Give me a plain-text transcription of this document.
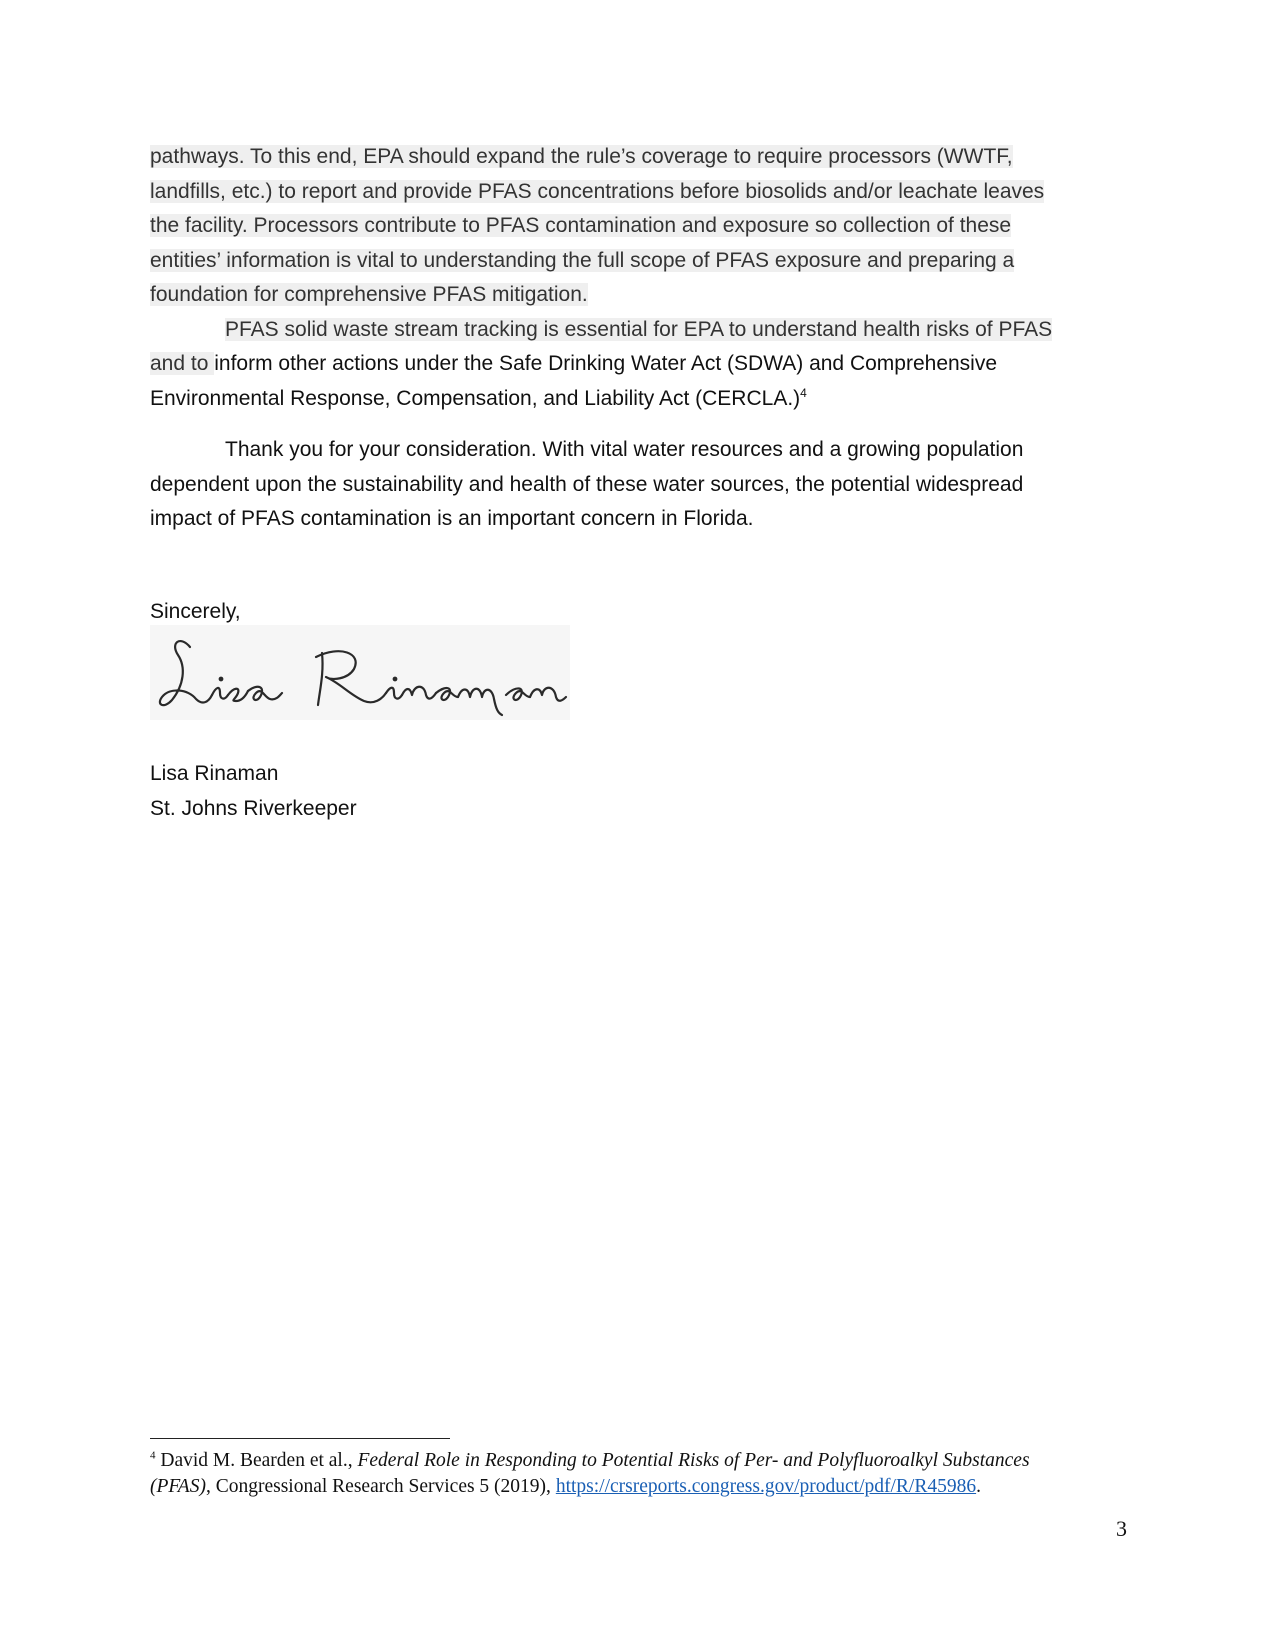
pathways. To this end, EPA should expand the rule’s coverage to require processors (WWTF,
landfills, etc.) to report and provide PFAS concentrations before biosolids and/or leachate leaves
the facility. Processors contribute to PFAS contamination and exposure so collection of these
entities’ information is vital to understanding the full scope of PFAS exposure and preparing a
foundation for comprehensive PFAS mitigation.
PFAS solid waste stream tracking is essential for EPA to understand health risks of PFAS
and to inform other actions under the Safe Drinking Water Act (SDWA) and Comprehensive
Environmental Response, Compensation, and Liability Act (CERCLA.)$^4$
Thank you for your consideration. With vital water resources and a growing population
dependent upon the sustainability and health of these water sources, the potential widespread
impact of PFAS contamination is an important concern in Florida.
Sincerely,
Lisa Rinaman
St. Johns Riverkeeper
$^4$ David M. Bearden et al., Federal Role in Responding to Potential Risks of Per- and Polyfluoroalkyl Substances
(PFAS), Congressional Research Services 5 (2019), https://crsreports.congress.gov/product/pdf/R/R45986.
3
